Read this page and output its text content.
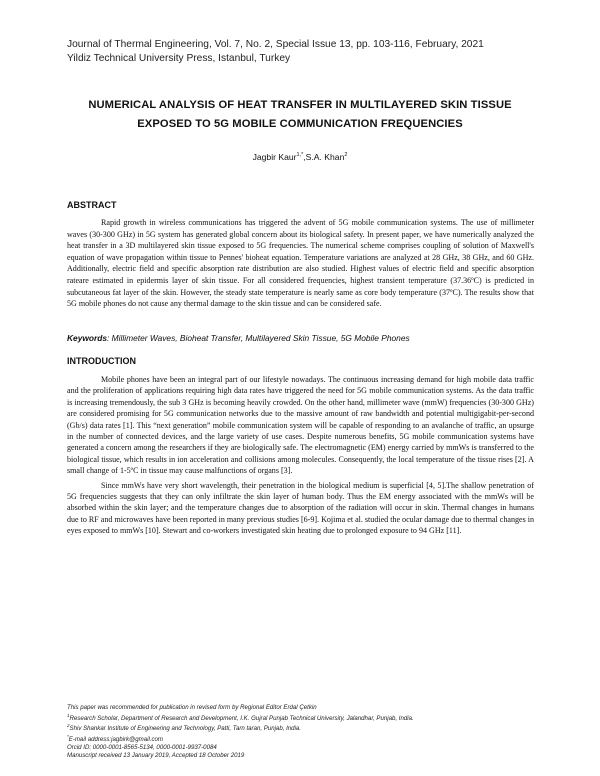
Journal of Thermal Engineering, Vol. 7, No. 2, Special Issue 13, pp. 103-116, February, 2021
Yildiz Technical University Press, Istanbul, Turkey
NUMERICAL ANALYSIS OF HEAT TRANSFER IN MULTILAYERED SKIN TISSUE
EXPOSED TO 5G MOBILE COMMUNICATION FREQUENCIES
Jagbir Kaur$^{1,*}$,S.A. Khan$^2$
ABSTRACT

Rapid growth in wireless communications has triggered the advent of 5G mobile communication systems. The use of millimeter waves (30-300 GHz) in 5G system has generated global concern about its biological safety. In present paper, we have numerically analyzed the heat transfer in a 3D multilayered skin tissue exposed to 5G frequencies. The numerical scheme comprises coupling of solution of Maxwell's equation of wave propagation within tissue to Pennes' bioheat equation. Temperature variations are analyzed at 28 GHz, 38 GHz, and 60 GHz. Additionally, electric field and specific absorption rate distribution are also studied. Highest values of electric field and specific absorption rateare estimated in epidermis layer of skin tissue. For all considered frequencies, highest transient temperature (37.36ºC) is predicted in subcutaneous fat layer of the skin. However, the steady state temperature is nearly same as core body temperature (37ºC). The results show that 5G mobile phones do not cause any thermal damage to the skin tissue and can be considered safe.

Keywords: Millimeter Waves, Bioheat Transfer, Multilayered Skin Tissue, 5G Mobile Phones
INTRODUCTION

Mobile phones have been an integral part of our lifestyle nowadays. The continuous increasing demand for high mobile data traffic and the proliferation of applications requiring high data rates have triggered the need for 5G mobile communication systems. As the data traffic is increasing tremendously, the sub 3 GHz is becoming heavily crowded. On the other hand, millimeter wave (mmW) frequencies (30-300 GHz) are considered promising for 5G communication networks due to the massive amount of raw bandwidth and potential multigigabit-per-second (Gb/s) data rates [1]. This “next generation” mobile communication system will be capable of responding to an avalanche of traffic, an upsurge in the number of connected devices, and the large variety of use cases. Despite numerous benefits, 5G mobile communication systems have generated a concern among the researchers if they are biologically safe. The electromagnetic (EM) energy carried by mmWs is transferred to the biological tissue, which results in ion acceleration and collisions among molecules. Consequently, the local temperature of the tissue rises [2]. A small change of 1-5ºC in tissue may cause malfunctions of organs [3].

Since mmWs have very short wavelength, their penetration in the biological medium is superficial [4, 5].The shallow penetration of 5G frequencies suggests that they can only infiltrate the skin layer of human body. Thus the EM energy associated with the mmWs will be absorbed within the skin layer; and the temperature changes due to absorption of the radiation will occur in skin. Thermal changes in humans due to RF and microwaves have been reported in many previous studies [6-9]. Kojima et al. studied the ocular damage due to thermal changes in eyes exposed to mmWs [10]. Stewart and co-workers investigated skin heating due to prolonged exposure to 94 GHz [11].

This paper was recommended for publication in revised form by Regional Editor Erdal Çetkin
$^1$Research Scholar, Department of Research and Development, I.K. Gujral Punjab Technical University, Jalandhar, Punjab, India.
$^2$Shiv Shankar Institute of Engineering and Technology, Patti, Tarn taran, Punjab, India.
*E-mail address:jagbirk@gmail.com
Orcid ID: 0000-0001-8565-5134, 0000-0001-9937-0084
Manuscript received 13 January 2019, Accepted 18 October 2019
